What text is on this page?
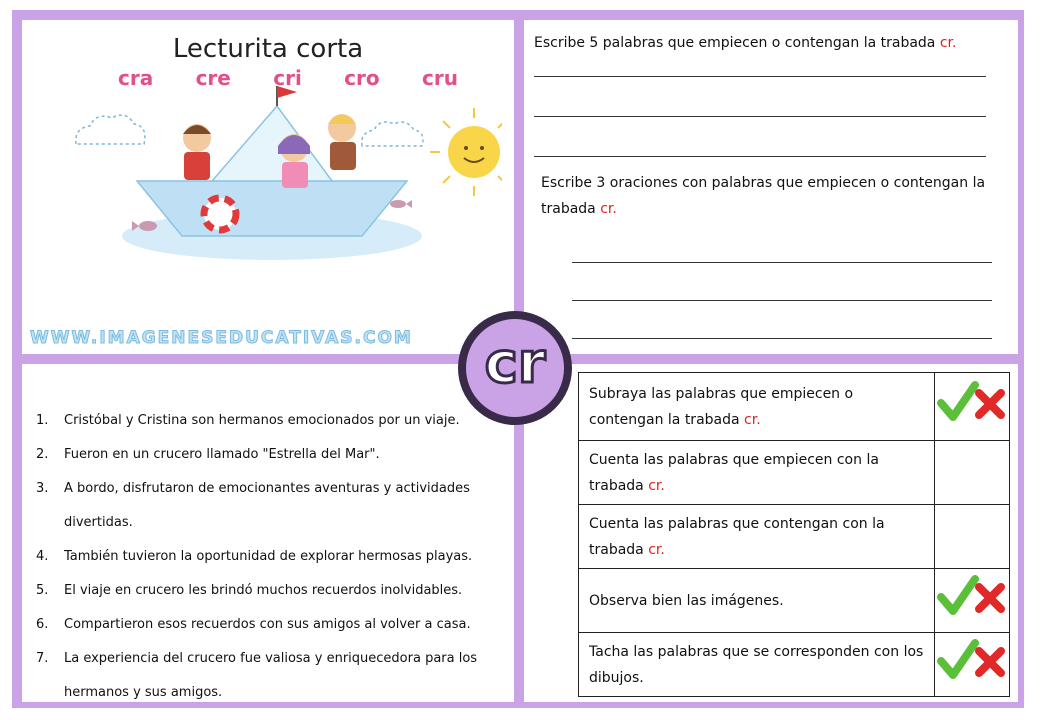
Lecturita corta
cra cre cri cro cru
WWW.IMAGENESEDUCATIVAS.COM
Escribe 5 palabras que empiecen o contengan la trabada cr.
Escribe 3 oraciones con palabras que empiecen o contengan la trabada cr.
1.	Cristóbal y Cristina son hermanos emocionados por un viaje.
2.	Fueron en un crucero llamado "Estrella del Mar".
3.	A bordo, disfrutaron de emocionantes aventuras y actividades divertidas.
4.	También tuvieron la oportunidad de explorar hermosas playas.
5.	El viaje en crucero les brindó muchos recuerdos inolvidables.
6.	Compartieron esos recuerdos con sus amigos al volver a casa.
7.	La experiencia del crucero fue valiosa y enriquecedora para los hermanos y sus amigos.
Subraya las palabras que empiecen o contengan la trabada cr.	
Cuenta las palabras que empiecen con la trabada cr.	
Cuenta las palabras que contengan con la trabada cr.	
Observa bien las imágenes.	
Tacha las palabras que se corresponden con los dibujos.	
cr
